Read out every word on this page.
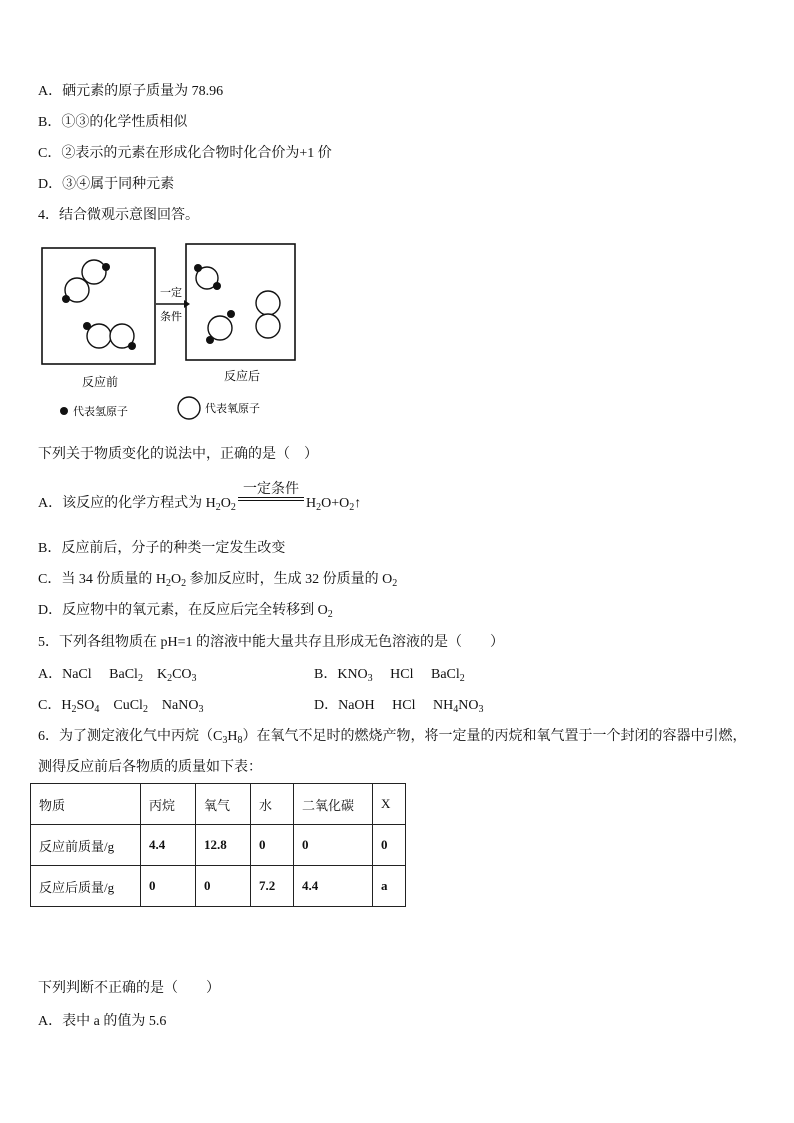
A．硒元素的原子质量为 78.96
B．①③的化学性质相似
C．②表示的元素在形成化合物时化合价为+1 价
D．③④属于同种元素
4．结合微观示意图回答。
一定
条件
反应前	反应后
代表氢原子	代表氧原子
下列关于物质变化的说法中，正确的是（　）
A．该反应的化学方程式为 $H_2O_2$
一定条件
$H_2O+O_2↑$
B．反应前后，分子的种类一定发生改变
C．当 34 份质量的 $H_2O_2$ 参加反应时，生成 32 份质量的 $O_2$
D．反应物中的氧元素，在反应后完全转移到 $O_2$
5．下列各组物质在 pH=1 的溶液中能大量共存且形成无色溶液的是（　　）
A．NaCl　 BaCl$_2$　$K_2CO_3$	B．$KNO_3$　 HCl　 BaCl$_2$
C．$H_2SO_4$　CuCl$_2$　NaNO$_3$	D．NaOH　 HCl　 $NH_4NO_3$
6．为了测定液化气中丙烷$(C_3H_8)$在氧气不足时的燃烧产物，将一定量的丙烷和氧气置于一个封闭的容器中引燃，
测得反应前后各物质的质量如下表：
物质	丙烷	氧气	水	二氧化碳	X
反应前质量/g	4.4	12.8	0	0	0
反应后质量/g	0	0	7.2	4.4	a
下列判断不正确的是（　　）
A．表中 a 的值为 5.6
